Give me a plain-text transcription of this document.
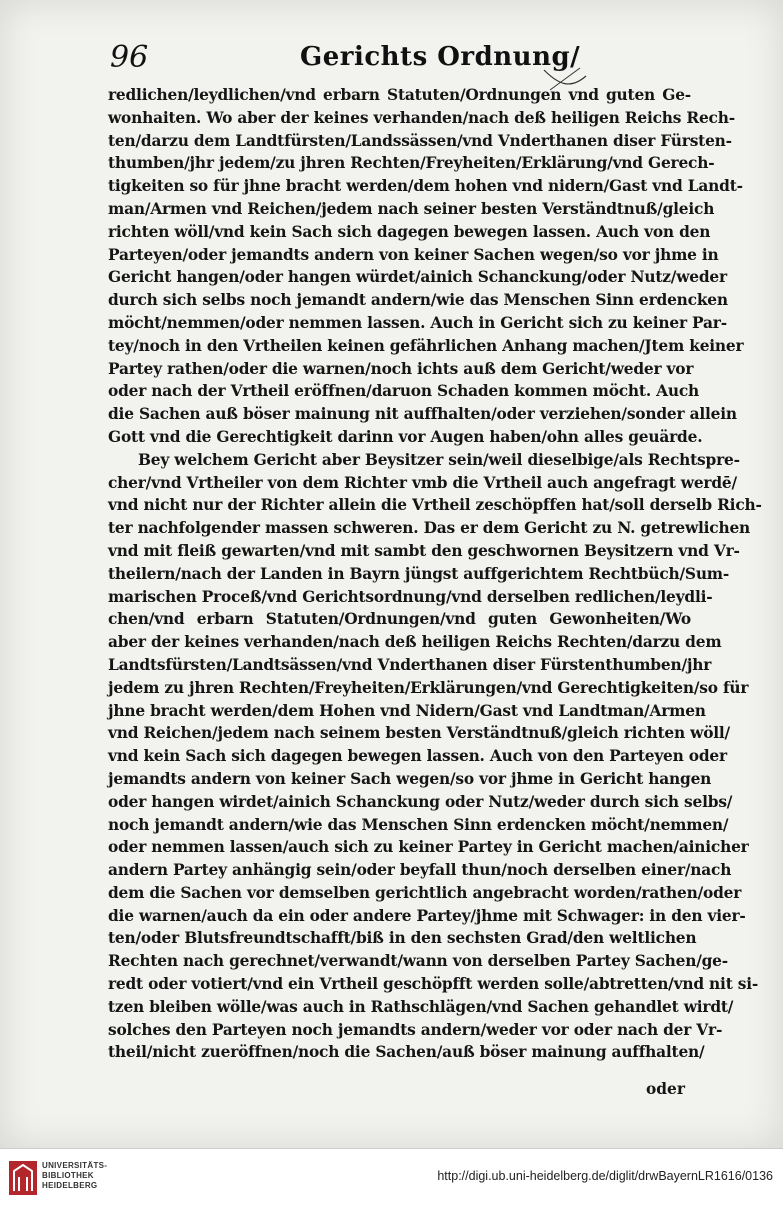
96	Gerichts Ordnung/
redlichen/leydlichen/vnd erbarn Statuten/Ordnungen vnd guten Ge-
wonhaiten. Wo aber der keines verhanden/nach deß heiligen Reichs Rech-
ten/darzu dem Landtfürsten/Landssässen/vnd Vnderthanen diser Fürsten-
thumben/jhr jedem/zu jhren Rechten/Freyheiten/Erklärung/vnd Gerech-
tigkeiten so für jhne bracht werden/dem hohen vnd nidern/Gast vnd Landt-
man/Armen vnd Reichen/jedem nach seiner besten Verständtnuß/gleich
richten wöll/vnd kein Sach sich dagegen bewegen lassen. Auch von den
Parteyen/oder jemandts andern von keiner Sachen wegen/so vor jhme in
Gericht hangen/oder hangen würdet/ainich Schanckung/oder Nutz/weder
durch sich selbs noch jemandt andern/wie das Menschen Sinn erdencken
möcht/nemmen/oder nemmen lassen. Auch in Gericht sich zu keiner Par-
tey/noch in den Vrtheilen keinen gefährlichen Anhang machen/Jtem keiner
Partey rathen/oder die warnen/noch ichts auß dem Gericht/weder vor
oder nach der Vrtheil eröffnen/daruon Schaden kommen möcht. Auch
die Sachen auß böser mainung nit auffhalten/oder verziehen/sonder allein
Gott vnd die Gerechtigkeit darinn vor Augen haben/ohn alles geuärde.
Bey welchem Gericht aber Beysitzer sein/weil dieselbige/als Rechtspre-
cher/vnd Vrtheiler von dem Richter vmb die Vrtheil auch angefragt werdē/
vnd nicht nur der Richter allein die Vrtheil zeschöpffen hat/soll derselb Rich-
ter nachfolgender massen schweren. Das er dem Gericht zu N. getrewlichen
vnd mit fleiß gewarten/vnd mit sambt den geschwornen Beysitzern vnd Vr-
theilern/nach der Landen in Bayrn jüngst auffgerichtem Rechtbüch/Sum-
marischen Proceß/vnd Gerichtsordnung/vnd derselben redlichen/leydli-
chen/vnd erbarn Statuten/Ordnungen/vnd guten Gewonheiten/Wo
aber der keines verhanden/nach deß heiligen Reichs Rechten/darzu dem
Landtsfürsten/Landtsässen/vnd Vnderthanen diser Fürstenthumben/jhr
jedem zu jhren Rechten/Freyheiten/Erklärungen/vnd Gerechtigkeiten/so für
jhne bracht werden/dem Hohen vnd Nidern/Gast vnd Landtman/Armen
vnd Reichen/jedem nach seinem besten Verständtnuß/gleich richten wöll/
vnd kein Sach sich dagegen bewegen lassen. Auch von den Parteyen oder
jemandts andern von keiner Sach wegen/so vor jhme in Gericht hangen
oder hangen wirdet/ainich Schanckung oder Nutz/weder durch sich selbs/
noch jemandt andern/wie das Menschen Sinn erdencken möcht/nemmen/
oder nemmen lassen/auch sich zu keiner Partey in Gericht machen/ainicher
andern Partey anhängig sein/oder beyfall thun/noch derselben einer/nach
dem die Sachen vor demselben gerichtlich angebracht worden/rathen/oder
die warnen/auch da ein oder andere Partey/jhme mit Schwager: in den vier-
ten/oder Blutsfreundtschafft/biß in den sechsten Grad/den weltlichen
Rechten nach gerechnet/verwandt/wann von derselben Partey Sachen/ge-
redt oder votiert/vnd ein Vrtheil geschöpfft werden solle/abtretten/vnd nit si-
tzen bleiben wölle/was auch in Rathschlägen/vnd Sachen gehandlet wirdt/
solches den Parteyen noch jemandts andern/weder vor oder nach der Vr-
theil/nicht zueröffnen/noch die Sachen/auß böser mainung auffhalten/
oder
UNIVERSITÄTS-
BIBLIOTHEK
HEIDELBERG
http://digi.ub.uni-heidelberg.de/diglit/drwBayernLR1616/0136
